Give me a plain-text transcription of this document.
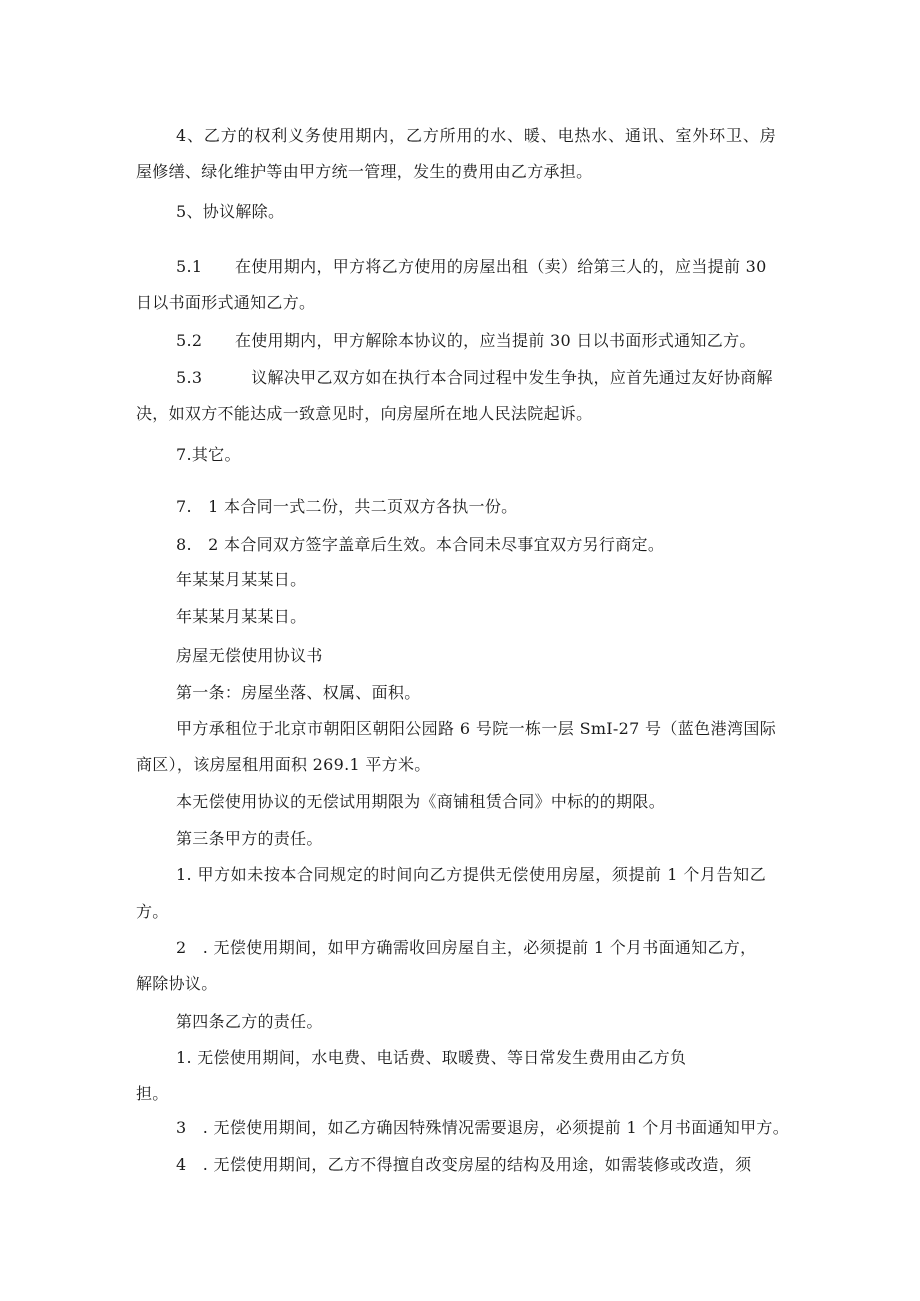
4、乙方的权利义务使用期内，乙方所用的水、暖、电热水、通讯、室外环卫、房
屋修缮、绿化维护等由甲方统一管理，发生的费用由乙方承担。
5、协议解除。
5.1　　在使用期内，甲方将乙方使用的房屋出租（卖）给第三人的，应当提前 30
日以书面形式通知乙方。
5.2　　在使用期内，甲方解除本协议的，应当提前 30 日以书面形式通知乙方。
5.3　　　议解决甲乙双方如在执行本合同过程中发生争执，应首先通过友好协商解
决，如双方不能达成一致意见时，向房屋所在地人民法院起诉。
7.其它。
7.　1 本合同一式二份，共二页双方各执一份。
8.　2 本合同双方签字盖章后生效。本合同未尽事宜双方另行商定。
年某某月某某日。
年某某月某某日。
房屋无偿使用协议书
第一条：房屋坐落、权属、面积。
甲方承租位于北京市朝阳区朝阳公园路 6 号院一栋一层 SmI-27 号（蓝色港湾国际
商区），该房屋租用面积 269.1 平方米。
本无偿使用协议的无偿试用期限为《商铺租赁合同》中标的的期限。
第三条甲方的责任。
1. 甲方如未按本合同规定的时间向乙方提供无偿使用房屋，须提前 1 个月告知乙
方。
2　. 无偿使用期间，如甲方确需收回房屋自主，必须提前 1 个月书面通知乙方，
解除协议。
第四条乙方的责任。
1. 无偿使用期间，水电费、电话费、取暖费、等日常发生费用由乙方负
担。
3　. 无偿使用期间，如乙方确因特殊情况需要退房，必须提前 1 个月书面通知甲方。
4　. 无偿使用期间，乙方不得擅自改变房屋的结构及用途，如需装修或改造，须
